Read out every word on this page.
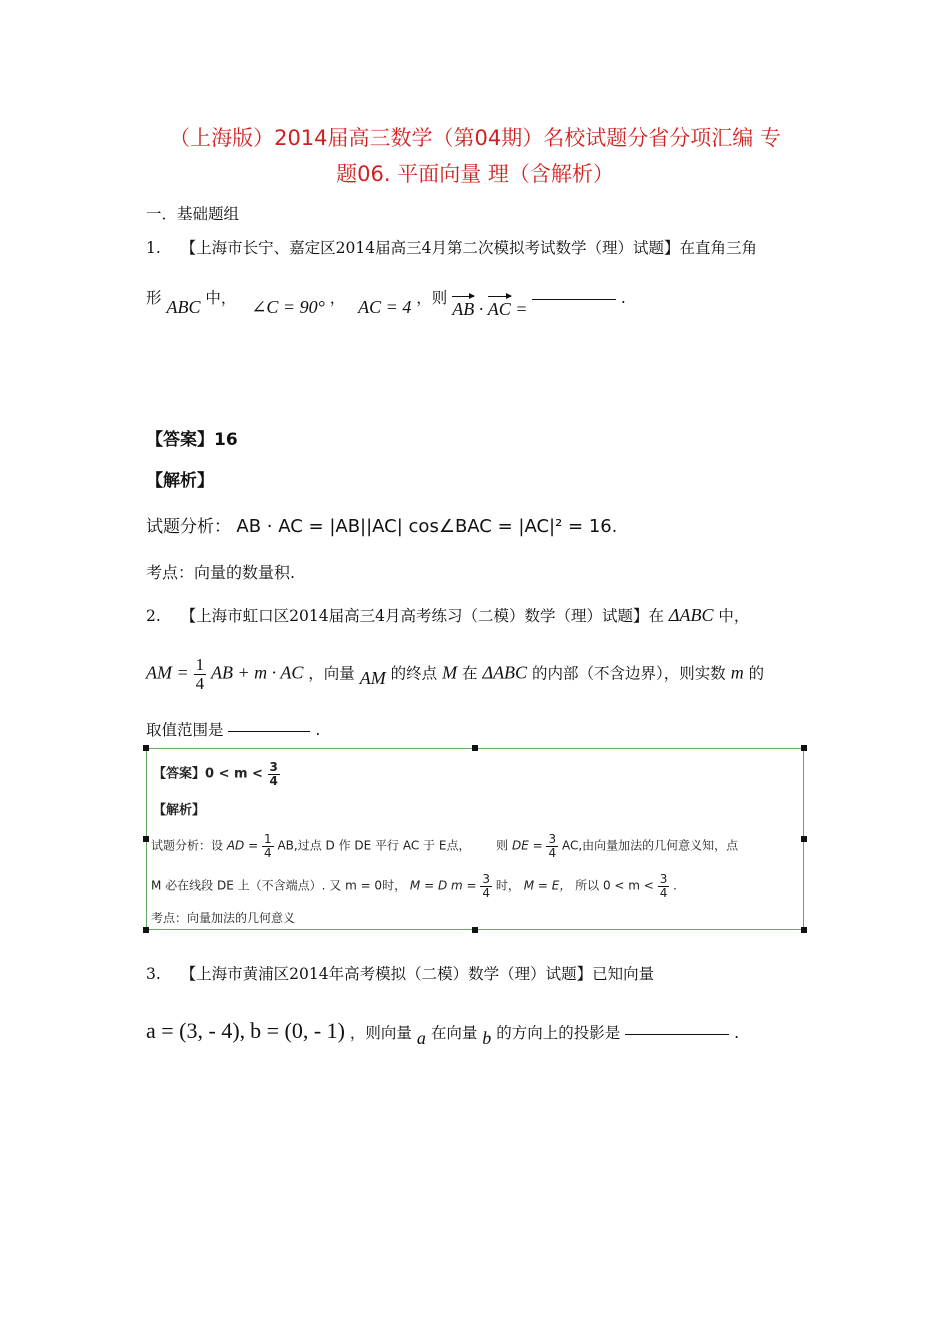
（上海版）2014届高三数学（第04期）名校试题分省分项汇编 专
题06. 平面向量 理（含解析）
一．基础题组
1. 【上海市长宁、嘉定区2014届高三4月第二次模拟考试数学（理）试题】在直角三角
形 ABC 中， ∠C = 90° ， AC = 4 ，则 AB · AC =  .
【答案】16
【解析】
试题分析： AB · AC = |AB||AC| cos∠BAC = |AC|² = 16.
考点：向量的数量积.
2. 【上海市虹口区2014届高三4月高考练习（二模）数学（理）试题】在 ΔABC 中，
AM = $\frac{1}{4}$ AB + m · AC ，向量 AM 的终点 M 在 ΔABC 的内部（不含边界），则实数 m 的
取值范围是	.
【答案】$0 < m < \frac{3}{4}$
【解析】
试题分析：设 AD = $\frac{1}{4}$ AB,过点 D 作 DE 平行 AC 于 E点， 则 DE = $\frac{3}{4}$ AC,由向量加法的几何意义知，点
M 必在线段 DE 上（不含端点）. 又 m = 0时， M = D $m = \frac{3}{4}$ 时， M = E， 所以 $0 < m < \frac{3}{4}$ .
考点：向量加法的几何意义
3. 【上海市黄浦区2014年高考模拟（二模）数学（理）试题】已知向量
a = (3, - 4), b = (0, - 1) ，则向量 a 在向量 b 的方向上的投影是	.
